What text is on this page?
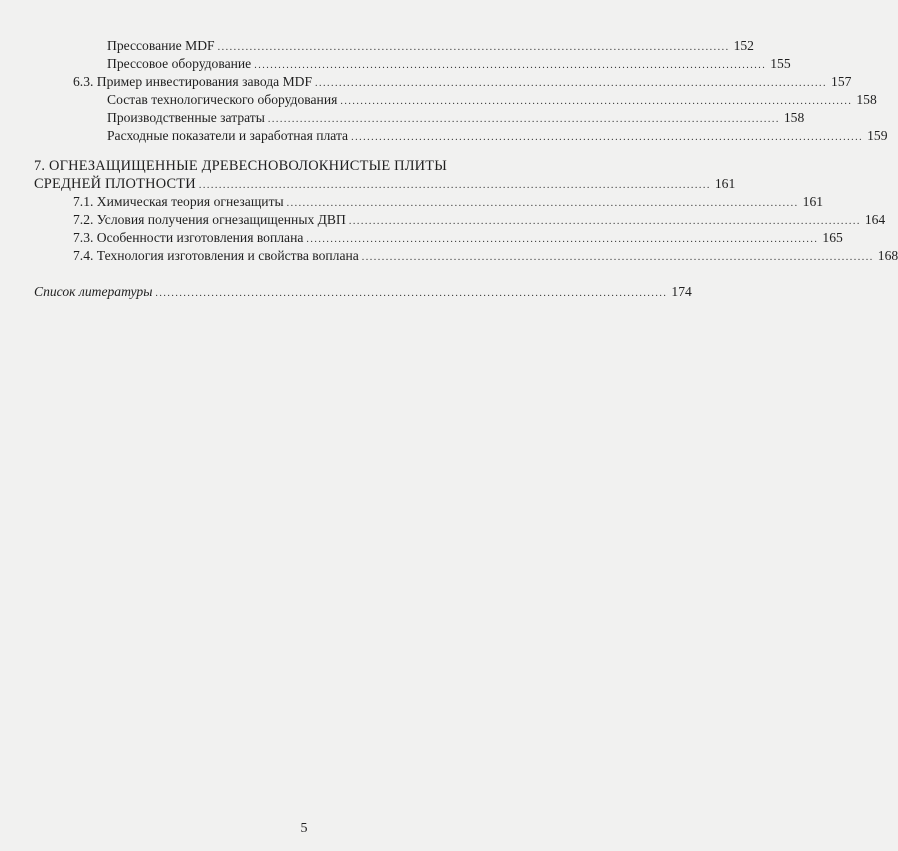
Прессование MDF ................................................................................................................................ 152
Прессовое оборудование ................................................................................................................................ 155
6.3. Пример инвестирования завода MDF ................................................................................................................................ 157
Состав технологического оборудования ................................................................................................................................ 158
Производственные затраты ................................................................................................................................ 158
Расходные показатели и заработная плата ................................................................................................................................ 159
7. ОГНЕЗАЩИЩЕННЫЕ ДРЕВЕСНОВОЛОКНИСТЫЕ ПЛИТЫ
СРЕДНЕЙ ПЛОТНОСТИ ................................................................................................................................ 161
7.1. Химическая теория огнезащиты ................................................................................................................................ 161
7.2. Условия получения огнезащищенных ДВП ................................................................................................................................ 164
7.3. Особенности изготовления воплана ................................................................................................................................ 165
7.4. Технология изготовления и свойства воплана ................................................................................................................................ 168
Список литературы ................................................................................................................................ 174
5
